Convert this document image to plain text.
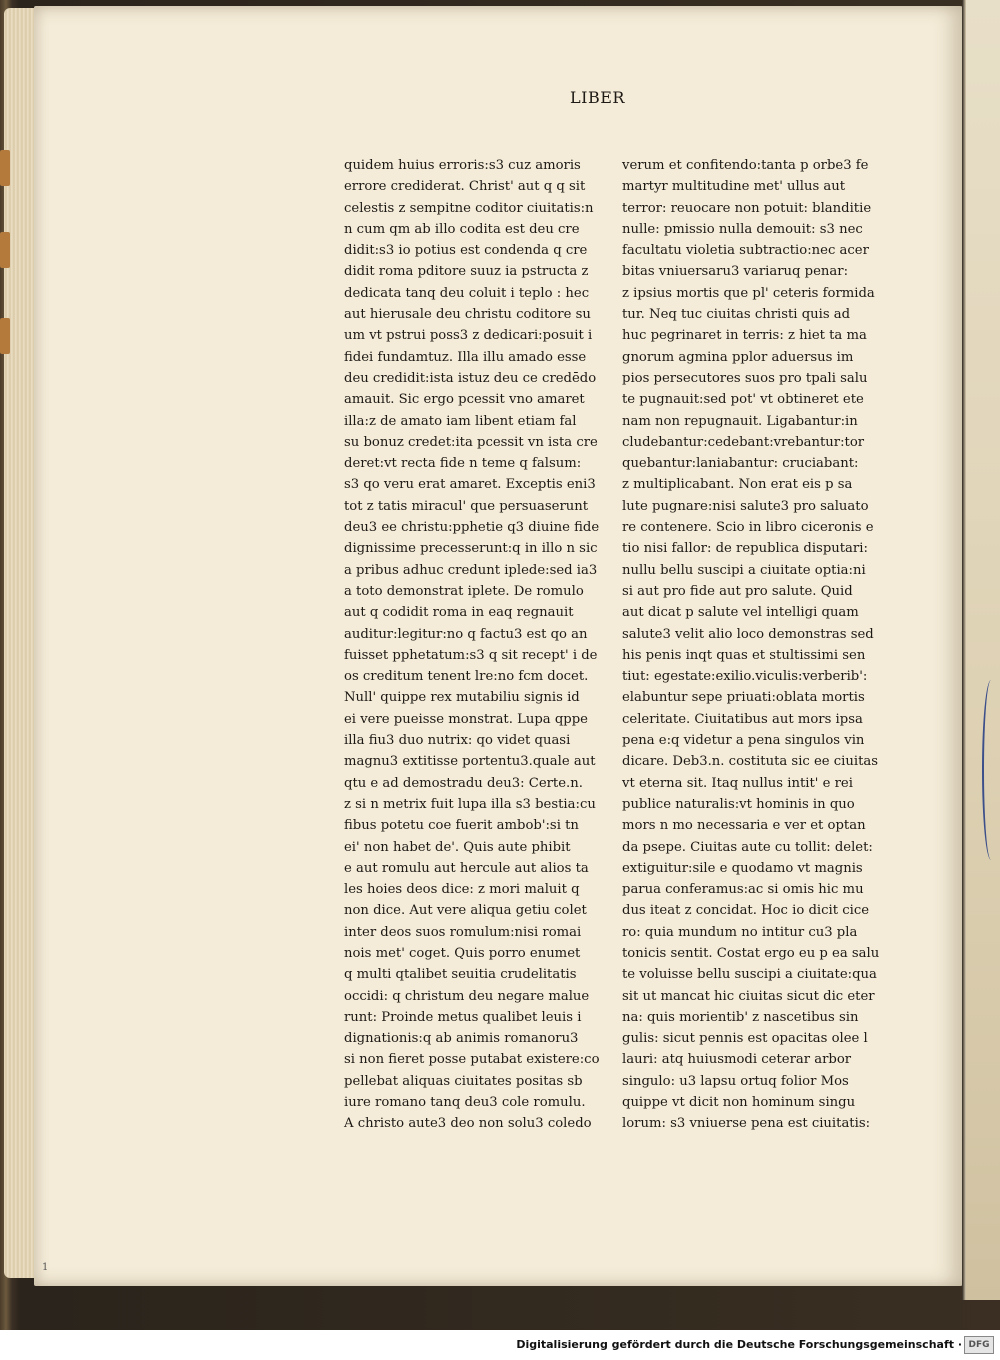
LIBER
quidem huius erroris:s3 cuz amoris
errore crediderat. Christ' aut q q sit
celestis z sempitne coditor ciuitatis:n
n cum qm ab illo codita est deu cre
didit:s3 io potius est condenda q cre
didit roma pditore suuz ia pstructa z
dedicata tanq deu coluit i teplo : hec
aut hierusale deu christu coditore su
um vt pstrui poss3 z dedicari:posuit i
fidei fundamtuz. Illa illu amado esse
deu credidit:ista istuz deu ce credēdo
amauit. Sic ergo pcessit vno amaret
illa:z de amato iam libent etiam fal
su bonuz credet:ita pcessit vn ista cre
deret:vt recta fide n teme q falsum:
s3 qo veru erat amaret. Exceptis eni3
tot z tatis miracul' que persuaserunt
deu3 ee christu:pphetie q3 diuine fide
dignissime precesserunt:q in illo n sic
a pribus adhuc credunt iplede:sed ia3
a toto demonstrat iplete. De romulo
aut q codidit roma in eaq regnauit
auditur:legitur:no q factu3 est qo an
fuisset pphetatum:s3 q sit recept' i de
os creditum tenent lre:no fcm docet.
Null' quippe rex mutabiliu signis id
ei vere pueisse monstrat. Lupa qppe
illa fiu3 duo nutrix: qo videt quasi
magnu3 extitisse portentu3.quale aut
qtu e ad demostradu deu3: Certe.n.
z si n metrix fuit lupa illa s3 bestia:cu
fibus potetu coe fuerit ambob':si tn
ei' non habet de'. Quis aute phibit
e aut romulu aut hercule aut alios ta
les hoies deos dice: z mori maluit q
non dice. Aut vere aliqua getiu colet
inter deos suos romulum:nisi romai
nois met' coget. Quis porro enumet
q multi qtalibet seuitia crudelitatis
occidi: q christum deu negare malue
runt: Proinde metus qualibet leuis i
dignationis:q ab animis romanoru3
si non fieret posse putabat existere:co
pellebat aliquas ciuitates positas sb
iure romano tanq deu3 cole romulu.
A christo aute3 deo non solu3 coledo
verum et confitendo:tanta p orbe3 fe
martyr multitudine met' ullus aut
terror: reuocare non potuit: blanditie
nulle: pmissio nulla demouit: s3 nec
facultatu violetia subtractio:nec acer
bitas vniuersaru3 variaruq penar:
z ipsius mortis que pl' ceteris formida
tur. Neq tuc ciuitas christi quis ad
huc pegrinaret in terris: z hiet ta ma
gnorum agmina pplor aduersus im
pios persecutores suos pro tpali salu
te pugnauit:sed pot' vt obtineret ete
nam non repugnauit. Ligabantur:in
cludebantur:cedebant:vrebantur:tor
quebantur:laniabantur: cruciabant:
z multiplicabant. Non erat eis p sa
lute pugnare:nisi salute3 pro saluato
re contenere. Scio in libro ciceronis e
tio nisi fallor: de republica disputari:
nullu bellu suscipi a ciuitate optia:ni
si aut pro fide aut pro salute. Quid
aut dicat p salute vel intelligi quam
salute3 velit alio loco demonstras sed
his penis inqt quas et stultissimi sen
tiut: egestate:exilio.viculis:verberib':
elabuntur sepe priuati:oblata mortis
celeritate. Ciuitatibus aut mors ipsa
pena e:q videtur a pena singulos vin
dicare. Deb3.n. costituta sic ee ciuitas
vt eterna sit. Itaq nullus intit' e rei
publice naturalis:vt hominis in quo
mors n mo necessaria e ver et optan
da psepe. Ciuitas aute cu tollit: delet:
extiguitur:sile e quodamo vt magnis
parua conferamus:ac si omis hic mu
dus iteat z concidat. Hoc io dicit cice
ro: quia mundum no intitur cu3 pla
tonicis sentit. Costat ergo eu p ea salu
te voluisse bellu suscipi a ciuitate:qua
sit ut mancat hic ciuitas sicut dic eter
na: quis morientib' z nascetibus sin
gulis: sicut pennis est opacitas olee l
lauri: atq huiusmodi ceterar arbor
singulo: u3 lapsu ortuq folior Mos
quippe vt dicit non hominum singu
lorum: s3 vniuerse pena est ciuitatis:
1
Digitalisierung gefördert durch die Deutsche Forschungsgemeinschaft · DFG
